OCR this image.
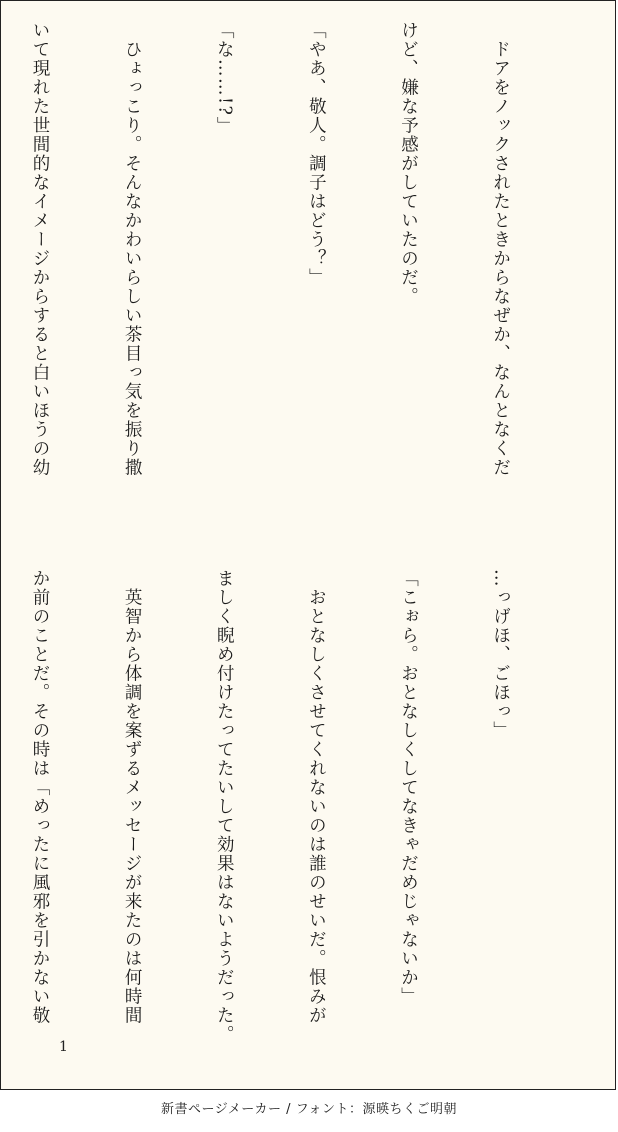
　ドアをノックされたときからなぜか、なんとなくだ

けど、嫌な予感がしていたのだ。

「やあ、敬人。調子はどう？」

「な……!?」

　ひょっこり。そんなかわいらしい茶目っ気を振り撒

いて現れた世間的なイメージからすると白いほうの幼

…っげほ、ごほっ」

「こぉら。おとなしくしてなきゃだめじゃないか」

　おとなしくさせてくれないのは誰のせいだ。恨みが

ましく睨め付けたってたいして効果はないようだった。

　英智から体調を案ずるメッセージが来たのは何時間

か前のことだ。その時は「めったに風邪を引かない敬

1
新書ページメーカー / フォント：源暎ちくご明朝
